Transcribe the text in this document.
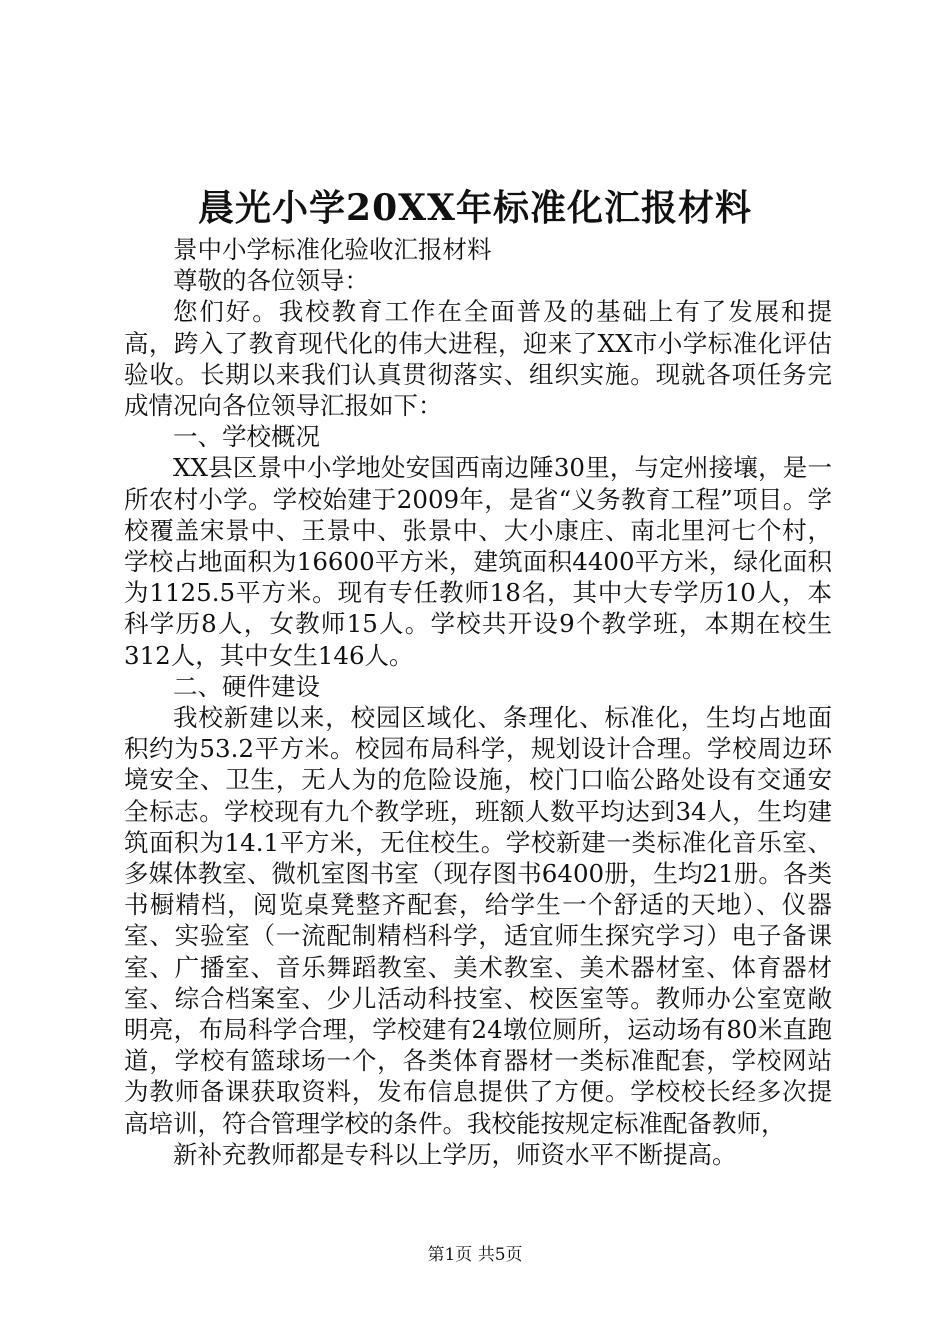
晨光小学20XX年标准化汇报材料

景中小学标准化验收汇报材料

尊敬的各位领导：

您们好。我校教育工作在全面普及的基础上有了发展和提高，跨入了教育现代化的伟大进程，迎来了XX市小学标准化评估验收。长期以来我们认真贯彻落实、组织实施。现就各项任务完成情况向各位领导汇报如下：

一、学校概况

XX县区景中小学地处安国西南边陲30里，与定州接壤，是一所农村小学。学校始建于2009年，是省“义务教育工程”项目。学校覆盖宋景中、王景中、张景中、大小康庄、南北里河七个村，学校占地面积为16600平方米，建筑面积4400平方米，绿化面积为1125.5平方米。现有专任教师18名，其中大专学历10人，本科学历8人，女教师15人。学校共开设9个教学班，本期在校生312人，其中女生146人。

二、硬件建设

我校新建以来，校园区域化、条理化、标准化，生均占地面积约为53.2平方米。校园布局科学，规划设计合理。学校周边环境安全、卫生，无人为的危险设施，校门口临公路处设有交通安全标志。学校现有九个教学班，班额人数平均达到34人，生均建筑面积为14.1平方米，无住校生。学校新建一类标准化音乐室、多媒体教室、微机室图书室（现存图书6400册，生均21册。各类书橱精档，阅览桌凳整齐配套，给学生一个舒适的天地）、仪器室、实验室（一流配制精档科学，适宜师生探究学习）电子备课室、广播室、音乐舞蹈教室、美术教室、美术器材室、体育器材室、综合档案室、少儿活动科技室、校医室等。教师办公室宽敞明亮，布局科学合理，学校建有24墩位厕所，运动场有80米直跑道，学校有篮球场一个，各类体育器材一类标准配套，学校网站为教师备课获取资料，发布信息提供了方便。学校校长经多次提高培训，符合管理学校的条件。我校能按规定标准配备教师，

新补充教师都是专科以上学历，师资水平不断提高。

第1页 共5页
